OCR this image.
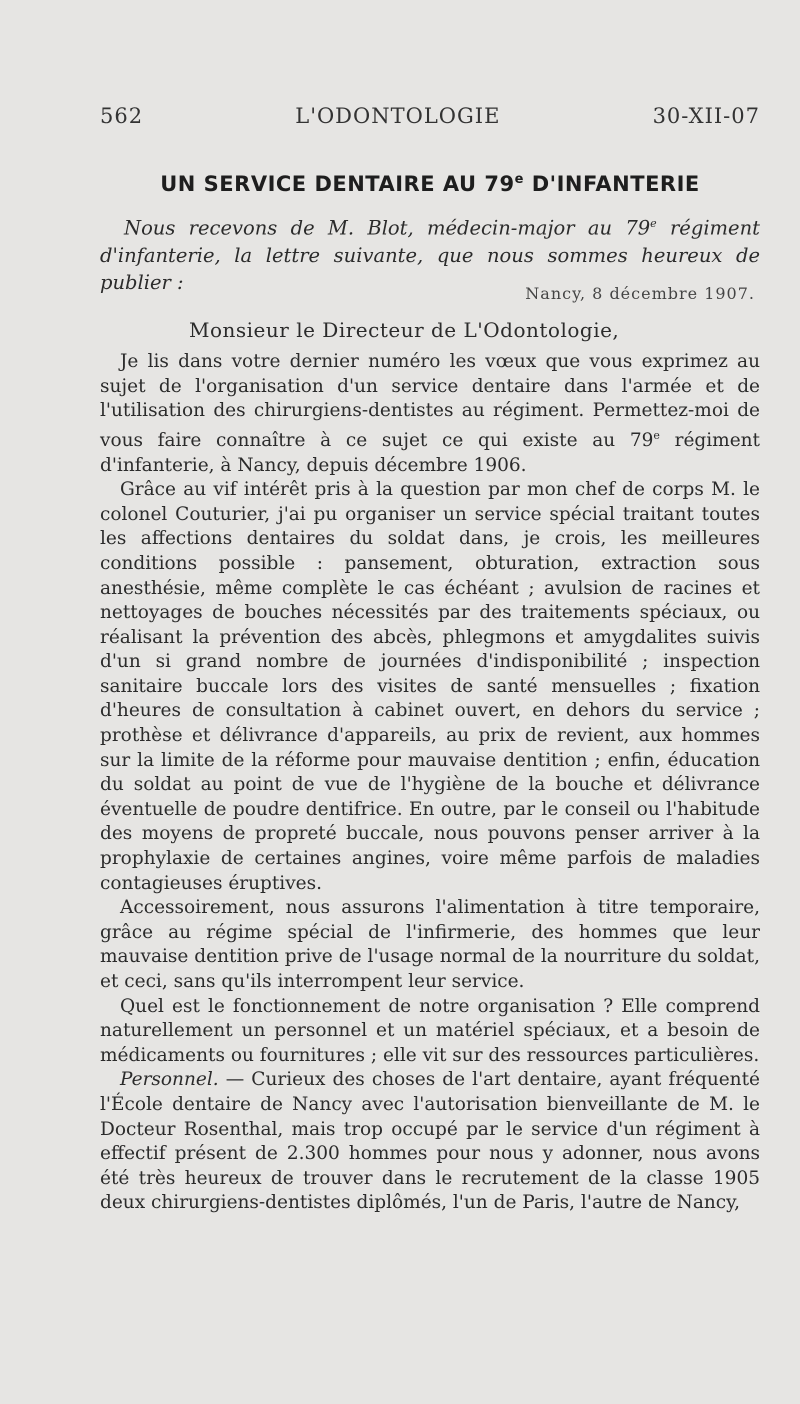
562	L'ODONTOLOGIE	30-XII-07
UN SERVICE DENTAIRE AU 79e D'INFANTERIE
Nous recevons de M. Blot, médecin-major au 79e régiment d'infanterie, la lettre suivante, que nous sommes heureux de publier :	Nancy, 8 décembre 1907.
Monsieur le Directeur de L'Odontologie,

Je lis dans votre dernier numéro les vœux que vous exprimez au sujet de l'organisation d'un service dentaire dans l'armée et de l'utilisation des chirurgiens-dentistes au régiment. Permettez-moi de vous faire connaître à ce sujet ce qui existe au 79e régiment d'infanterie, à Nancy, depuis décembre 1906.

Grâce au vif intérêt pris à la question par mon chef de corps M. le colonel Couturier, j'ai pu organiser un service spécial traitant toutes les affections dentaires du soldat dans, je crois, les meilleures conditions possible : pansement, obturation, extraction sous anesthésie, même complète le cas échéant ; avulsion de racines et nettoyages de bouches nécessités par des traitements spéciaux, ou réalisant la prévention des abcès, phlegmons et amygdalites suivis d'un si grand nombre de journées d'indisponibilité ; inspection sanitaire buccale lors des visites de santé mensuelles ; fixation d'heures de consultation à cabinet ouvert, en dehors du service ; prothèse et délivrance d'appareils, au prix de revient, aux hommes sur la limite de la réforme pour mauvaise dentition ; enfin, éducation du soldat au point de vue de l'hygiène de la bouche et délivrance éventuelle de poudre dentifrice. En outre, par le conseil ou l'habitude des moyens de propreté buccale, nous pouvons penser arriver à la prophylaxie de certaines angines, voire même parfois de maladies contagieuses éruptives.

Accessoirement, nous assurons l'alimentation à titre temporaire, grâce au régime spécial de l'infirmerie, des hommes que leur mauvaise dentition prive de l'usage normal de la nourriture du soldat, et ceci, sans qu'ils interrompent leur service.

Quel est le fonctionnement de notre organisation ? Elle comprend naturellement un personnel et un matériel spéciaux, et a besoin de médicaments ou fournitures ; elle vit sur des ressources particulières.

Personnel. — Curieux des choses de l'art dentaire, ayant fréquenté l'École dentaire de Nancy avec l'autorisation bienveillante de M. le Docteur Rosenthal, mais trop occupé par le service d'un régiment à effectif présent de 2.300 hommes pour nous y adonner, nous avons été très heureux de trouver dans le recrutement de la classe 1905 deux chirurgiens-dentistes diplômés, l'un de Paris, l'autre de Nancy,
